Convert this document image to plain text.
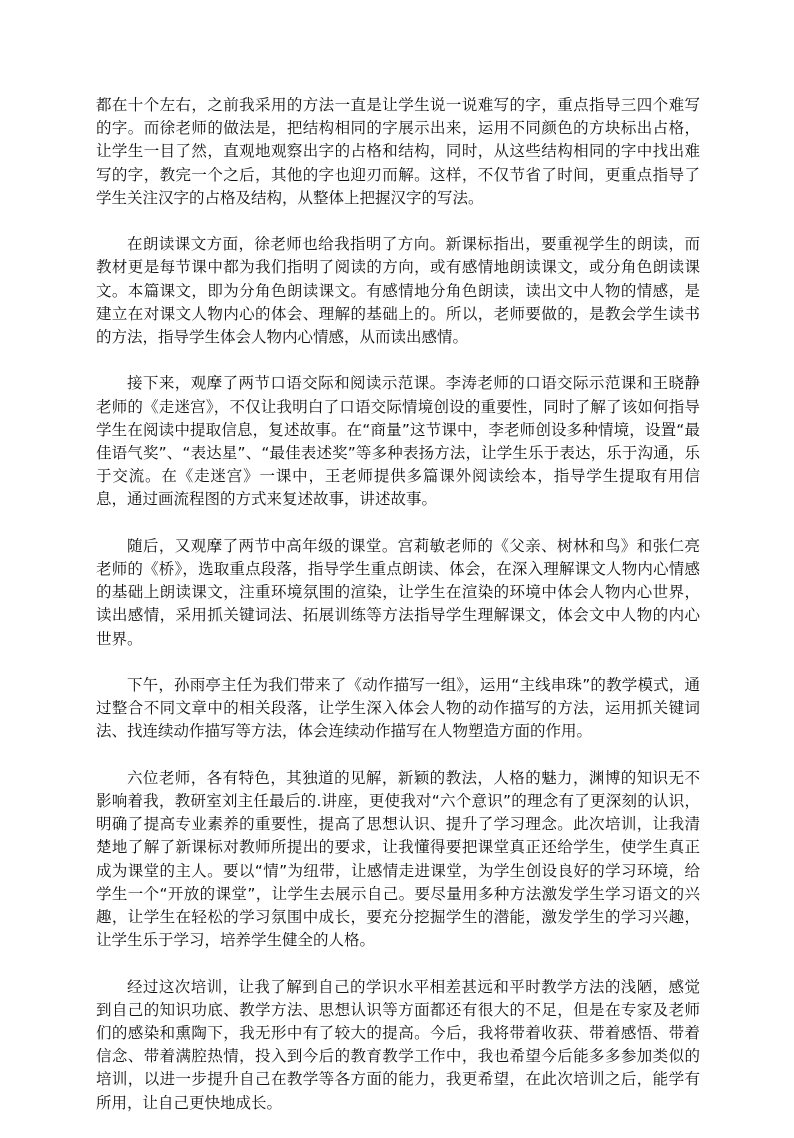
都在十个左右，之前我采用的方法一直是让学生说一说难写的字，重点指导三四个难写的字。而徐老师的做法是，把结构相同的字展示出来，运用不同颜色的方块标出占格，让学生一目了然，直观地观察出字的占格和结构，同时，从这些结构相同的字中找出难写的字，教完一个之后，其他的字也迎刃而解。这样，不仅节省了时间，更重点指导了学生关注汉字的占格及结构，从整体上把握汉字的写法。

在朗读课文方面，徐老师也给我指明了方向。新课标指出，要重视学生的朗读，而教材更是每节课中都为我们指明了阅读的方向，或有感情地朗读课文，或分角色朗读课文。本篇课文，即为分角色朗读课文。有感情地分角色朗读，读出文中人物的情感，是建立在对课文人物内心的体会、理解的基础上的。所以，老师要做的，是教会学生读书的方法，指导学生体会人物内心情感，从而读出感情。

接下来，观摩了两节口语交际和阅读示范课。李涛老师的口语交际示范课和王晓静老师的《走迷宫》，不仅让我明白了口语交际情境创设的重要性，同时了解了该如何指导学生在阅读中提取信息，复述故事。在“商量”这节课中，李老师创设多种情境，设置“最佳语气奖”、“表达星”、“最佳表述奖”等多种表扬方法，让学生乐于表达，乐于沟通，乐于交流。在《走迷宫》一课中，王老师提供多篇课外阅读绘本，指导学生提取有用信息，通过画流程图的方式来复述故事，讲述故事。

随后，又观摩了两节中高年级的课堂。宫莉敏老师的《父亲、树林和鸟》和张仁亮老师的《桥》，选取重点段落，指导学生重点朗读、体会，在深入理解课文人物内心情感的基础上朗读课文，注重环境氛围的渲染，让学生在渲染的环境中体会人物内心世界，读出感情，采用抓关键词法、拓展训练等方法指导学生理解课文，体会文中人物的内心世界。

下午，孙雨亭主任为我们带来了《动作描写一组》，运用“主线串珠”的教学模式，通过整合不同文章中的相关段落，让学生深入体会人物的动作描写的方法，运用抓关键词法、找连续动作描写等方法，体会连续动作描写在人物塑造方面的作用。

六位老师，各有特色，其独道的见解，新颖的教法，人格的魅力，渊博的知识无不影响着我，教研室刘主任最后的.讲座，更使我对“六个意识”的理念有了更深刻的认识，明确了提高专业素养的重要性，提高了思想认识、提升了学习理念。此次培训，让我清楚地了解了新课标对教师所提出的要求，让我懂得要把课堂真正还给学生，使学生真正成为课堂的主人。要以“情”为纽带，让感情走进课堂，为学生创设良好的学习环境，给学生一个“开放的课堂”，让学生去展示自己。要尽量用多种方法激发学生学习语文的兴趣，让学生在轻松的学习氛围中成长，要充分挖掘学生的潜能，激发学生的学习兴趣，让学生乐于学习，培养学生健全的人格。

经过这次培训，让我了解到自己的学识水平相差甚远和平时教学方法的浅陋，感觉到自己的知识功底、教学方法、思想认识等方面都还有很大的不足，但是在专家及老师们的感染和熏陶下，我无形中有了较大的提高。今后，我将带着收获、带着感悟、带着信念、带着满腔热情，投入到今后的教育教学工作中，我也希望今后能多多参加类似的培训，以进一步提升自己在教学等各方面的能力，我更希望，在此次培训之后，能学有所用，让自己更快地成长。
